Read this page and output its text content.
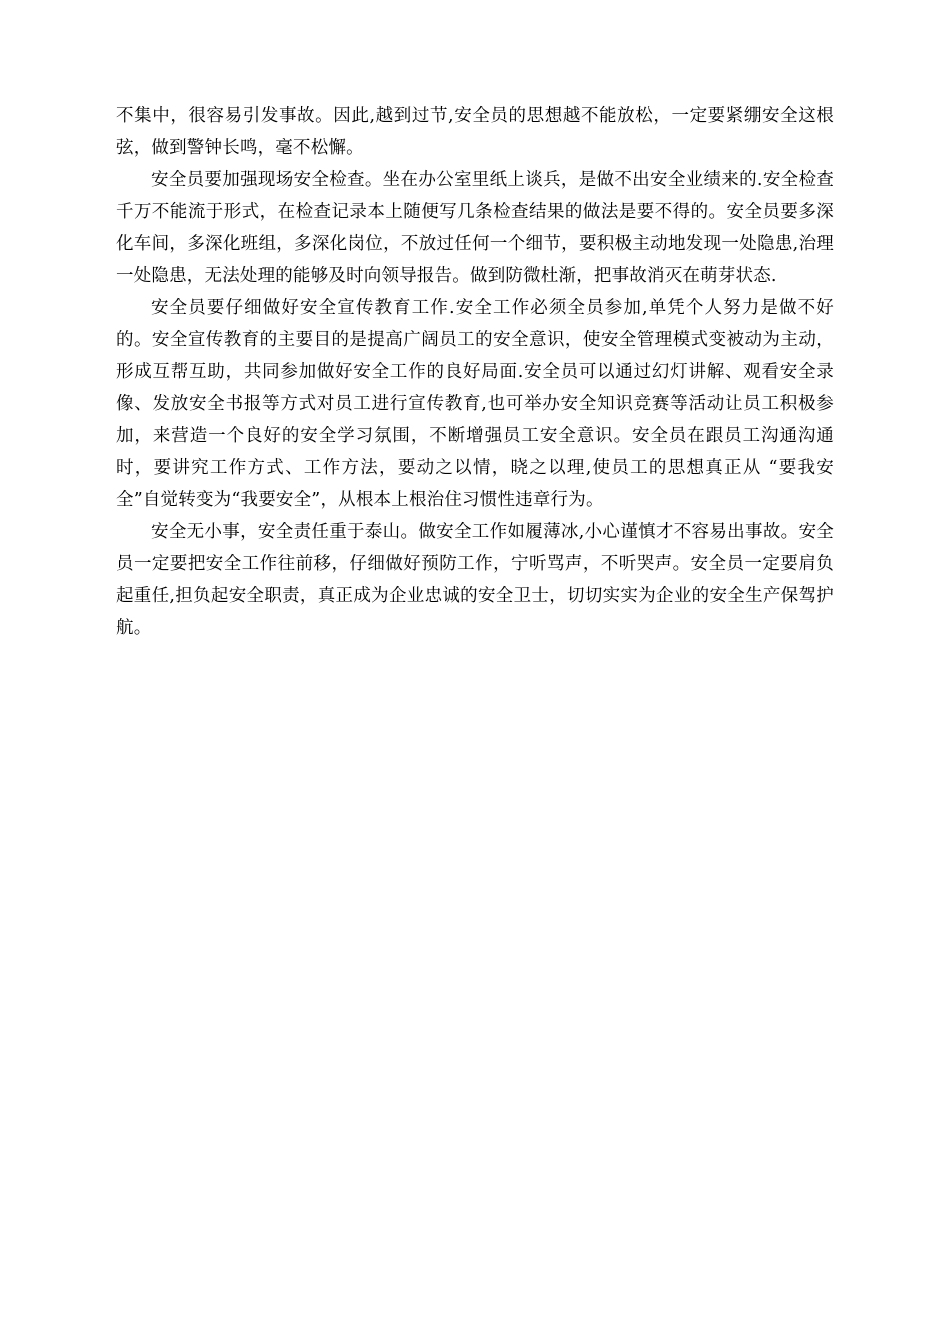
不集中，很容易引发事故。因此,越到过节,安全员的思想越不能放松，一定要紧绷安全这根弦，做到警钟长鸣，毫不松懈。

安全员要加强现场安全检查。坐在办公室里纸上谈兵，是做不出安全业绩来的.安全检查千万不能流于形式，在检查记录本上随便写几条检查结果的做法是要不得的。安全员要多深化车间，多深化班组，多深化岗位，不放过任何一个细节，要积极主动地发现一处隐患,治理一处隐患，无法处理的能够及时向领导报告。做到防微杜渐，把事故消灭在萌芽状态.

安全员要仔细做好安全宣传教育工作.安全工作必须全员参加,单凭个人努力是做不好的。安全宣传教育的主要目的是提高广阔员工的安全意识，使安全管理模式变被动为主动，形成互帮互助，共同参加做好安全工作的良好局面.安全员可以通过幻灯讲解、观看安全录像、发放安全书报等方式对员工进行宣传教育,也可举办安全知识竞赛等活动让员工积极参加，来营造一个良好的安全学习氛围，不断增强员工安全意识。安全员在跟员工沟通沟通时，要讲究工作方式、工作方法，要动之以情，晓之以理,使员工的思想真正从 “要我安全”自觉转变为“我要安全”，从根本上根治住习惯性违章行为。

安全无小事，安全责任重于泰山。做安全工作如履薄冰,小心谨慎才不容易出事故。安全员一定要把安全工作往前移，仔细做好预防工作，宁听骂声，不听哭声。安全员一定要肩负起重任,担负起安全职责，真正成为企业忠诚的安全卫士，切切实实为企业的安全生产保驾护航。
